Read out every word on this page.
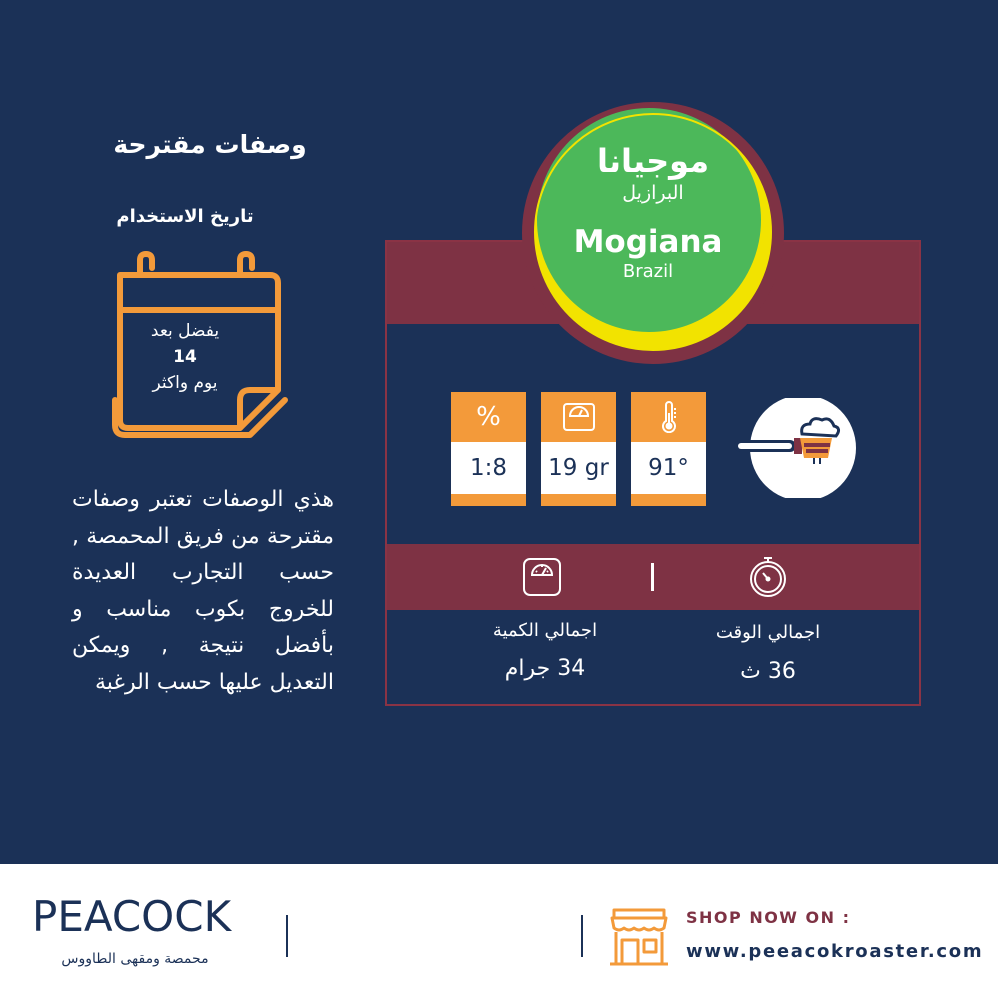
وصفات مقترحة
تاريخ الاستخدام
يفضل بعد
14
يوم واكثر
هذي الوصفات تعتبر وصفات مقترحة من فريق المحمصة , حسب التجارب العديدة للخروج بكوب مناسب و بأفضل نتيجة , ويمكن التعديل عليها حسب الرغبة
موجيانا
البرازيل
Mogiana
Brazil
%
1:8	19 gr	91°
اجمالي الكمية
34 جرام
اجمالي الوقت
36 ث
PEACOCK
محمصة ومقهى الطاووس
SHOP NOW ON :
www.peeacokroaster.com
